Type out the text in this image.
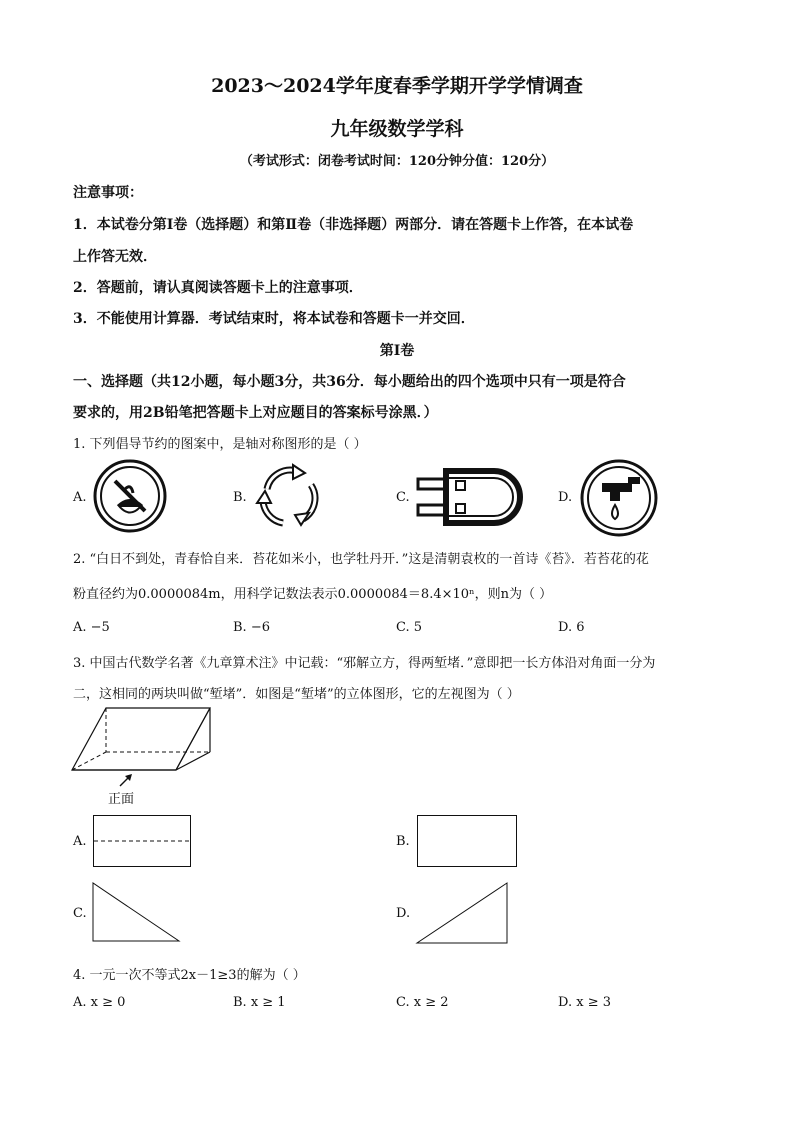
2023～2024学年度春季学期开学学情调查
九年级数学学科
（考试形式：闭卷考试时间：120分钟分值：120分）
注意事项：
1．本试卷分第Ⅰ卷（选择题）和第Ⅱ卷（非选择题）两部分．请在答题卡上作答，在本试卷
上作答无效．
2．答题前，请认真阅读答题卡上的注意事项．
3．不能使用计算器．考试结束时，将本试卷和答题卡一并交回．
第Ⅰ卷
一、选择题（共12小题，每小题3分，共36分．每小题给出的四个选项中只有一项是符合
要求的，用2B铅笔把答题卡上对应题目的答案标号涂黑．）
1. 下列倡导节约的图案中，是轴对称图形的是（ ）
A.	B.	C.	D.
2. “白日不到处，青春恰自来．苔花如米小，也学牡丹开．”这是清朝袁枚的一首诗《苔》．若苔花的花
粉直径约为0.0000084m，用科学记数法表示0.0000084＝8.4×10ⁿ，则n为（ ）
A. −5	B. −6	C. 5	D. 6
3. 中国古代数学名著《九章算术注》中记载：“邪解立方，得两堑堵．”意即把一长方体沿对角面一分为
二，这相同的两块叫做“堑堵”．如图是“堑堵”的立体图形，它的左视图为（ ）
正面
A.	B.
C.	D.
4. 一元一次不等式2x－1≥3的解为（ ）
A. x ≥ 0	B. x ≥ 1	C. x ≥ 2	D. x ≥ 3
